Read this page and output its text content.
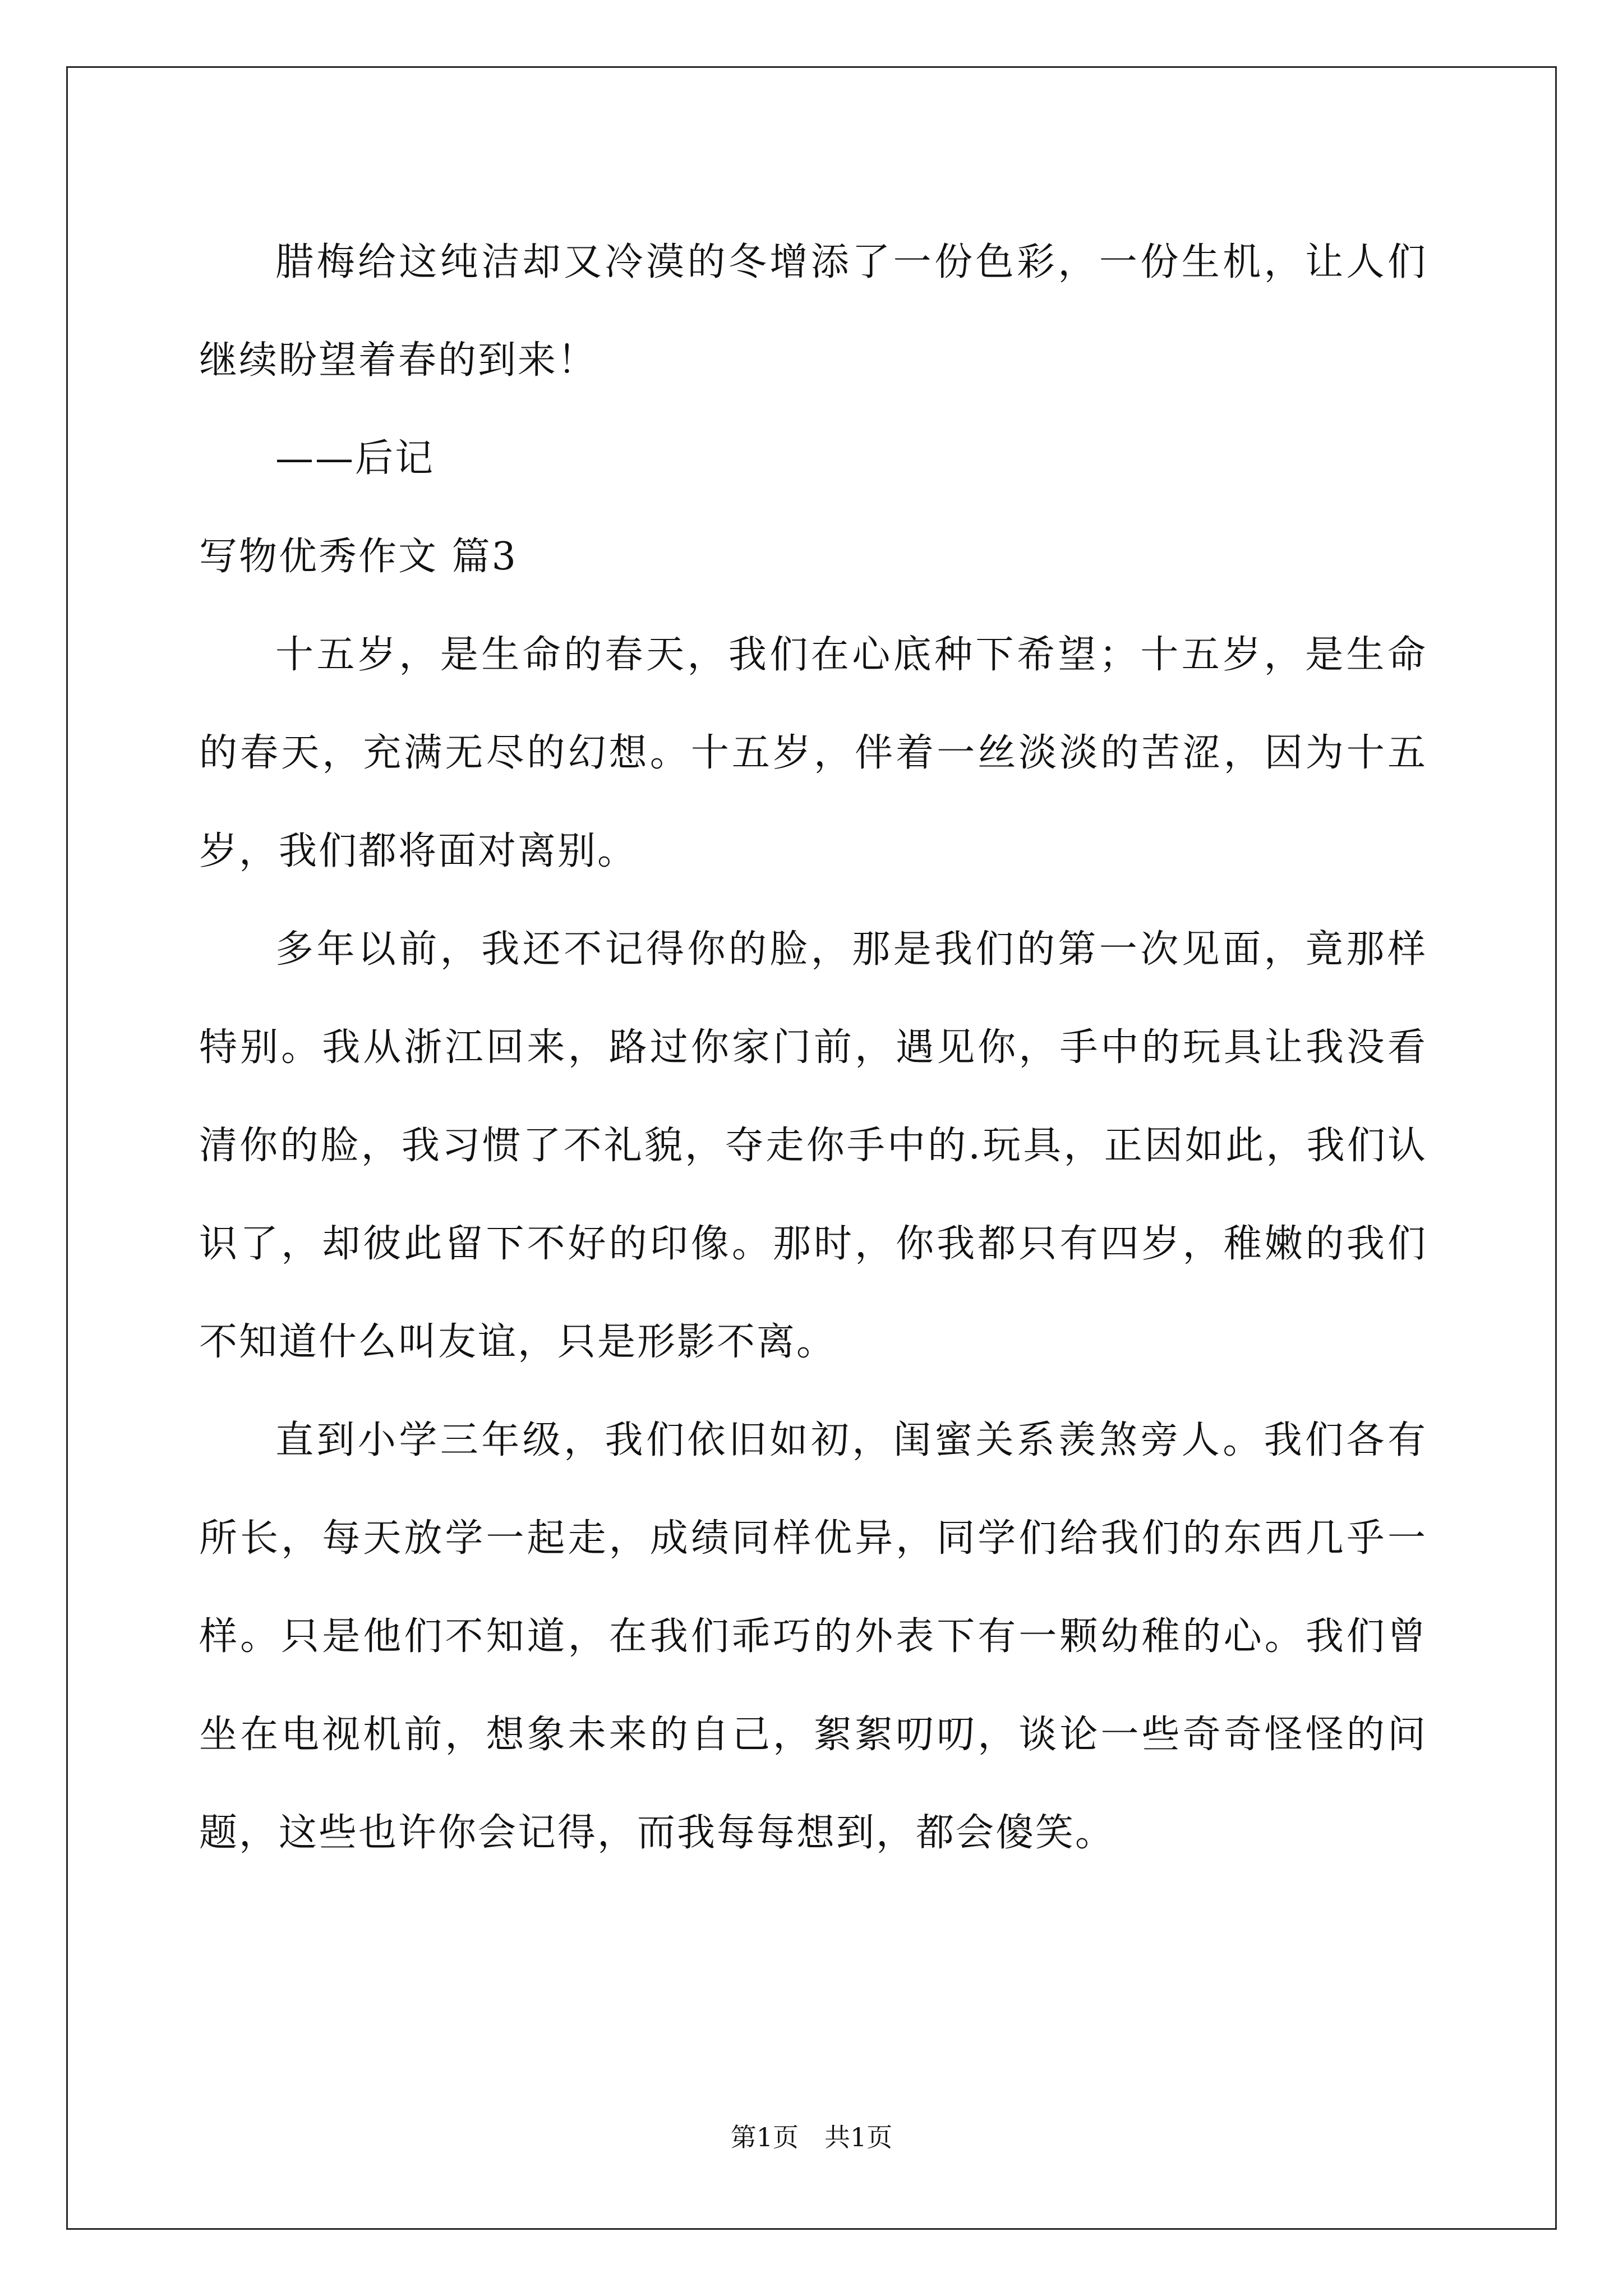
腊梅给这纯洁却又冷漠的冬增添了一份色彩，一份生机，让人们继续盼望着春的到来！

——后记

写物优秀作文 篇3

十五岁，是生命的春天，我们在心底种下希望；十五岁，是生命的春天，充满无尽的幻想。十五岁，伴着一丝淡淡的苦涩，因为十五岁，我们都将面对离别。

多年以前，我还不记得你的脸，那是我们的第一次见面，竟那样特别。我从浙江回来，路过你家门前，遇见你，手中的玩具让我没看清你的脸，我习惯了不礼貌，夺走你手中的.玩具，正因如此，我们认识了，却彼此留下不好的印像。那时，你我都只有四岁，稚嫩的我们不知道什么叫友谊，只是形影不离。

直到小学三年级，我们依旧如初，闺蜜关系羡煞旁人。我们各有所长，每天放学一起走，成绩同样优异，同学们给我们的东西几乎一样。只是他们不知道，在我们乖巧的外表下有一颗幼稚的心。我们曾坐在电视机前，想象未来的自己，絮絮叨叨，谈论一些奇奇怪怪的问题，这些也许你会记得，而我每每想到，都会傻笑。

第1页　共1页
